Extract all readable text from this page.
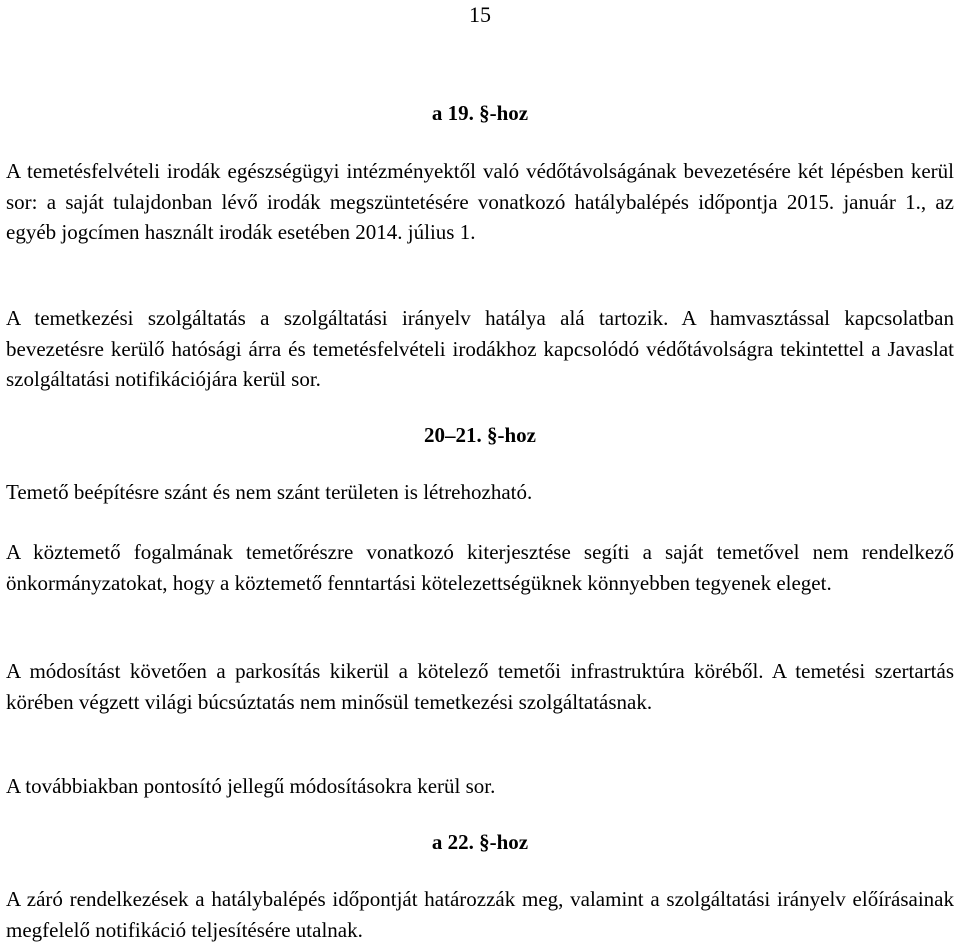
15
a 19. §-hoz

A temetésfelvételi irodák egészségügyi intézményektől való védőtávolságának bevezetésére két lépésben kerül sor: a saját tulajdonban lévő irodák megszüntetésére vonatkozó hatálybalépés időpontja 2015. január 1., az egyéb jogcímen használt irodák esetében 2014. július 1.

A temetkezési szolgáltatás a szolgáltatási irányelv hatálya alá tartozik. A hamvasztással kapcsolatban bevezetésre kerülő hatósági árra és temetésfelvételi irodákhoz kapcsolódó védőtávolságra tekintettel a Javaslat szolgáltatási notifikációjára kerül sor.

20–21. §-hoz

Temető beépítésre szánt és nem szánt területen is létrehozható.

A köztemető fogalmának temetőrészre vonatkozó kiterjesztése segíti a saját temetővel nem rendelkező önkormányzatokat, hogy a köztemető fenntartási kötelezettségüknek könnyebben tegyenek eleget.

A módosítást követően a parkosítás kikerül a kötelező temetői infrastruktúra köréből. A temetési szertartás körében végzett világi búcsúztatás nem minősül temetkezési szolgáltatásnak.

A továbbiakban pontosító jellegű módosításokra kerül sor.

a 22. §-hoz

A záró rendelkezések a hatálybalépés időpontját határozzák meg, valamint a szolgáltatási irányelv előírásainak megfelelő notifikáció teljesítésére utalnak.
